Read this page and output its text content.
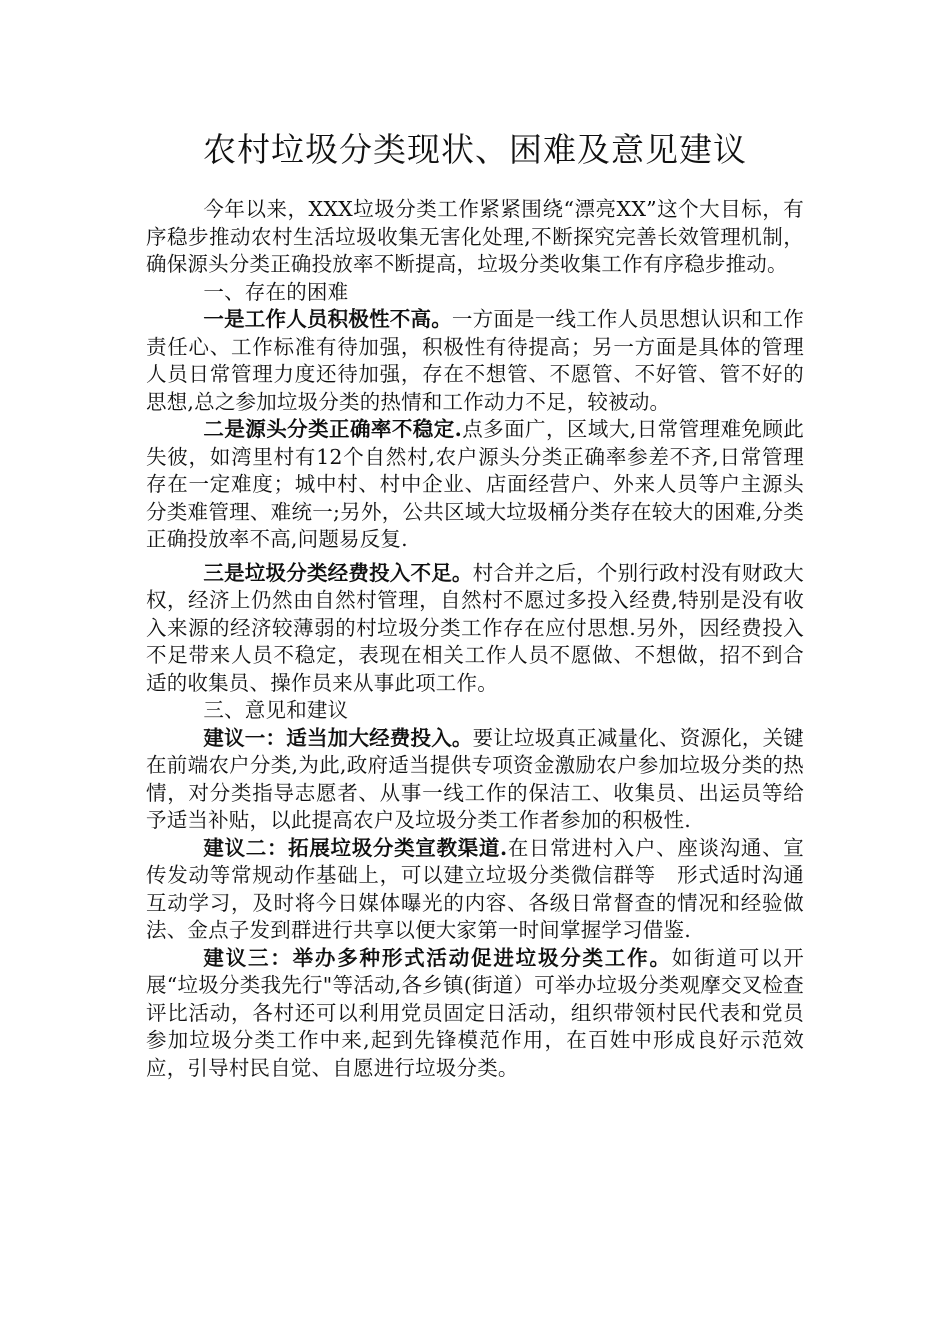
农村垃圾分类现状、困难及意见建议

今年以来，XXX垃圾分类工作紧紧围绕“漂亮XX”这个大目标，有序稳步推动农村生活垃圾收集无害化处理,不断探究完善长效管理机制，确保源头分类正确投放率不断提高，垃圾分类收集工作有序稳步推动。

一、存在的困难

一是工作人员积极性不高。一方面是一线工作人员思想认识和工作责任心、工作标准有待加强，积极性有待提高；另一方面是具体的管理人员日常管理力度还待加强，存在不想管、不愿管、不好管、管不好的思想,总之参加垃圾分类的热情和工作动力不足，较被动。

二是源头分类正确率不稳定.点多面广，区域大,日常管理难免顾此失彼，如湾里村有12个自然村,农户源头分类正确率参差不齐,日常管理存在一定难度；城中村、村中企业、店面经营户、外来人员等户主源头分类难管理、难统一;另外，公共区域大垃圾桶分类存在较大的困难,分类正确投放率不高,问题易反复.

三是垃圾分类经费投入不足。村合并之后，个别行政村没有财政大权，经济上仍然由自然村管理，自然村不愿过多投入经费,特别是没有收入来源的经济较薄弱的村垃圾分类工作存在应付思想.另外，因经费投入不足带来人员不稳定，表现在相关工作人员不愿做、不想做，招不到合适的收集员、操作员来从事此项工作。

三、意见和建议

建议一：适当加大经费投入。要让垃圾真正减量化、资源化，关键在前端农户分类,为此,政府适当提供专项资金激励农户参加垃圾分类的热情，对分类指导志愿者、从事一线工作的保洁工、收集员、出运员等给予适当补贴，以此提高农户及垃圾分类工作者参加的积极性.

建议二：拓展垃圾分类宣教渠道.在日常进村入户、座谈沟通、宣传发动等常规动作基础上，可以建立垃圾分类微信群等　形式适时沟通互动学习，及时将今日媒体曝光的内容、各级日常督查的情况和经验做法、金点子发到群进行共享以便大家第一时间掌握学习借鉴.

建议三：举办多种形式活动促进垃圾分类工作。如街道可以开展“垃圾分类我先行"等活动,各乡镇(街道）可举办垃圾分类观摩交叉检查评比活动，各村还可以利用党员固定日活动，组织带领村民代表和党员参加垃圾分类工作中来,起到先锋模范作用，在百姓中形成良好示范效应，引导村民自觉、自愿进行垃圾分类。
